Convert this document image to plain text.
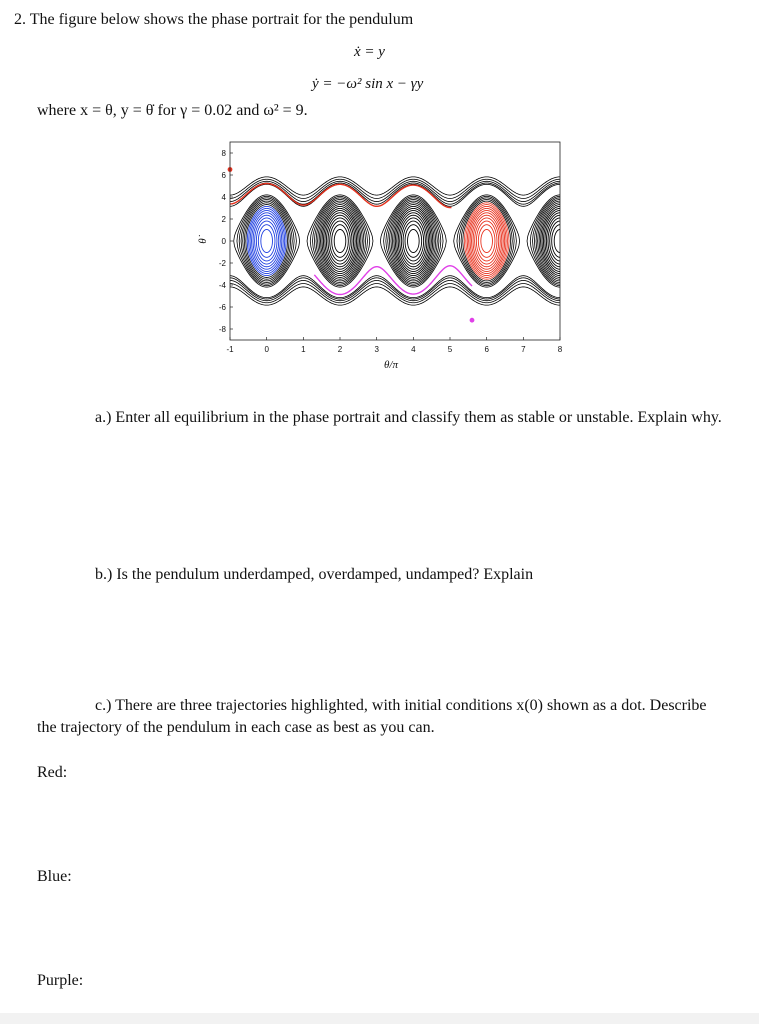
2. The figure below shows the phase portrait for the pendulum

ẋ = y

ẏ = −ω² sin x − γy

where x = θ, y = θ̇ for γ = 0.02 and ω² = 9.

-1	0	1	2	3	4	5	6	7	8
8
6
4
2
0
-2
-4
-6
-8
θ/π
θ̇

a.) Enter all equilibrium in the phase portrait and classify them as stable or unstable. Explain why.

b.) Is the pendulum underdamped, overdamped, undamped? Explain

c.) There are three trajectories highlighted, with initial conditions x(0) shown as a dot. Describe the trajectory of the pendulum in each case as best as you can.

Red:

Blue:

Purple:
